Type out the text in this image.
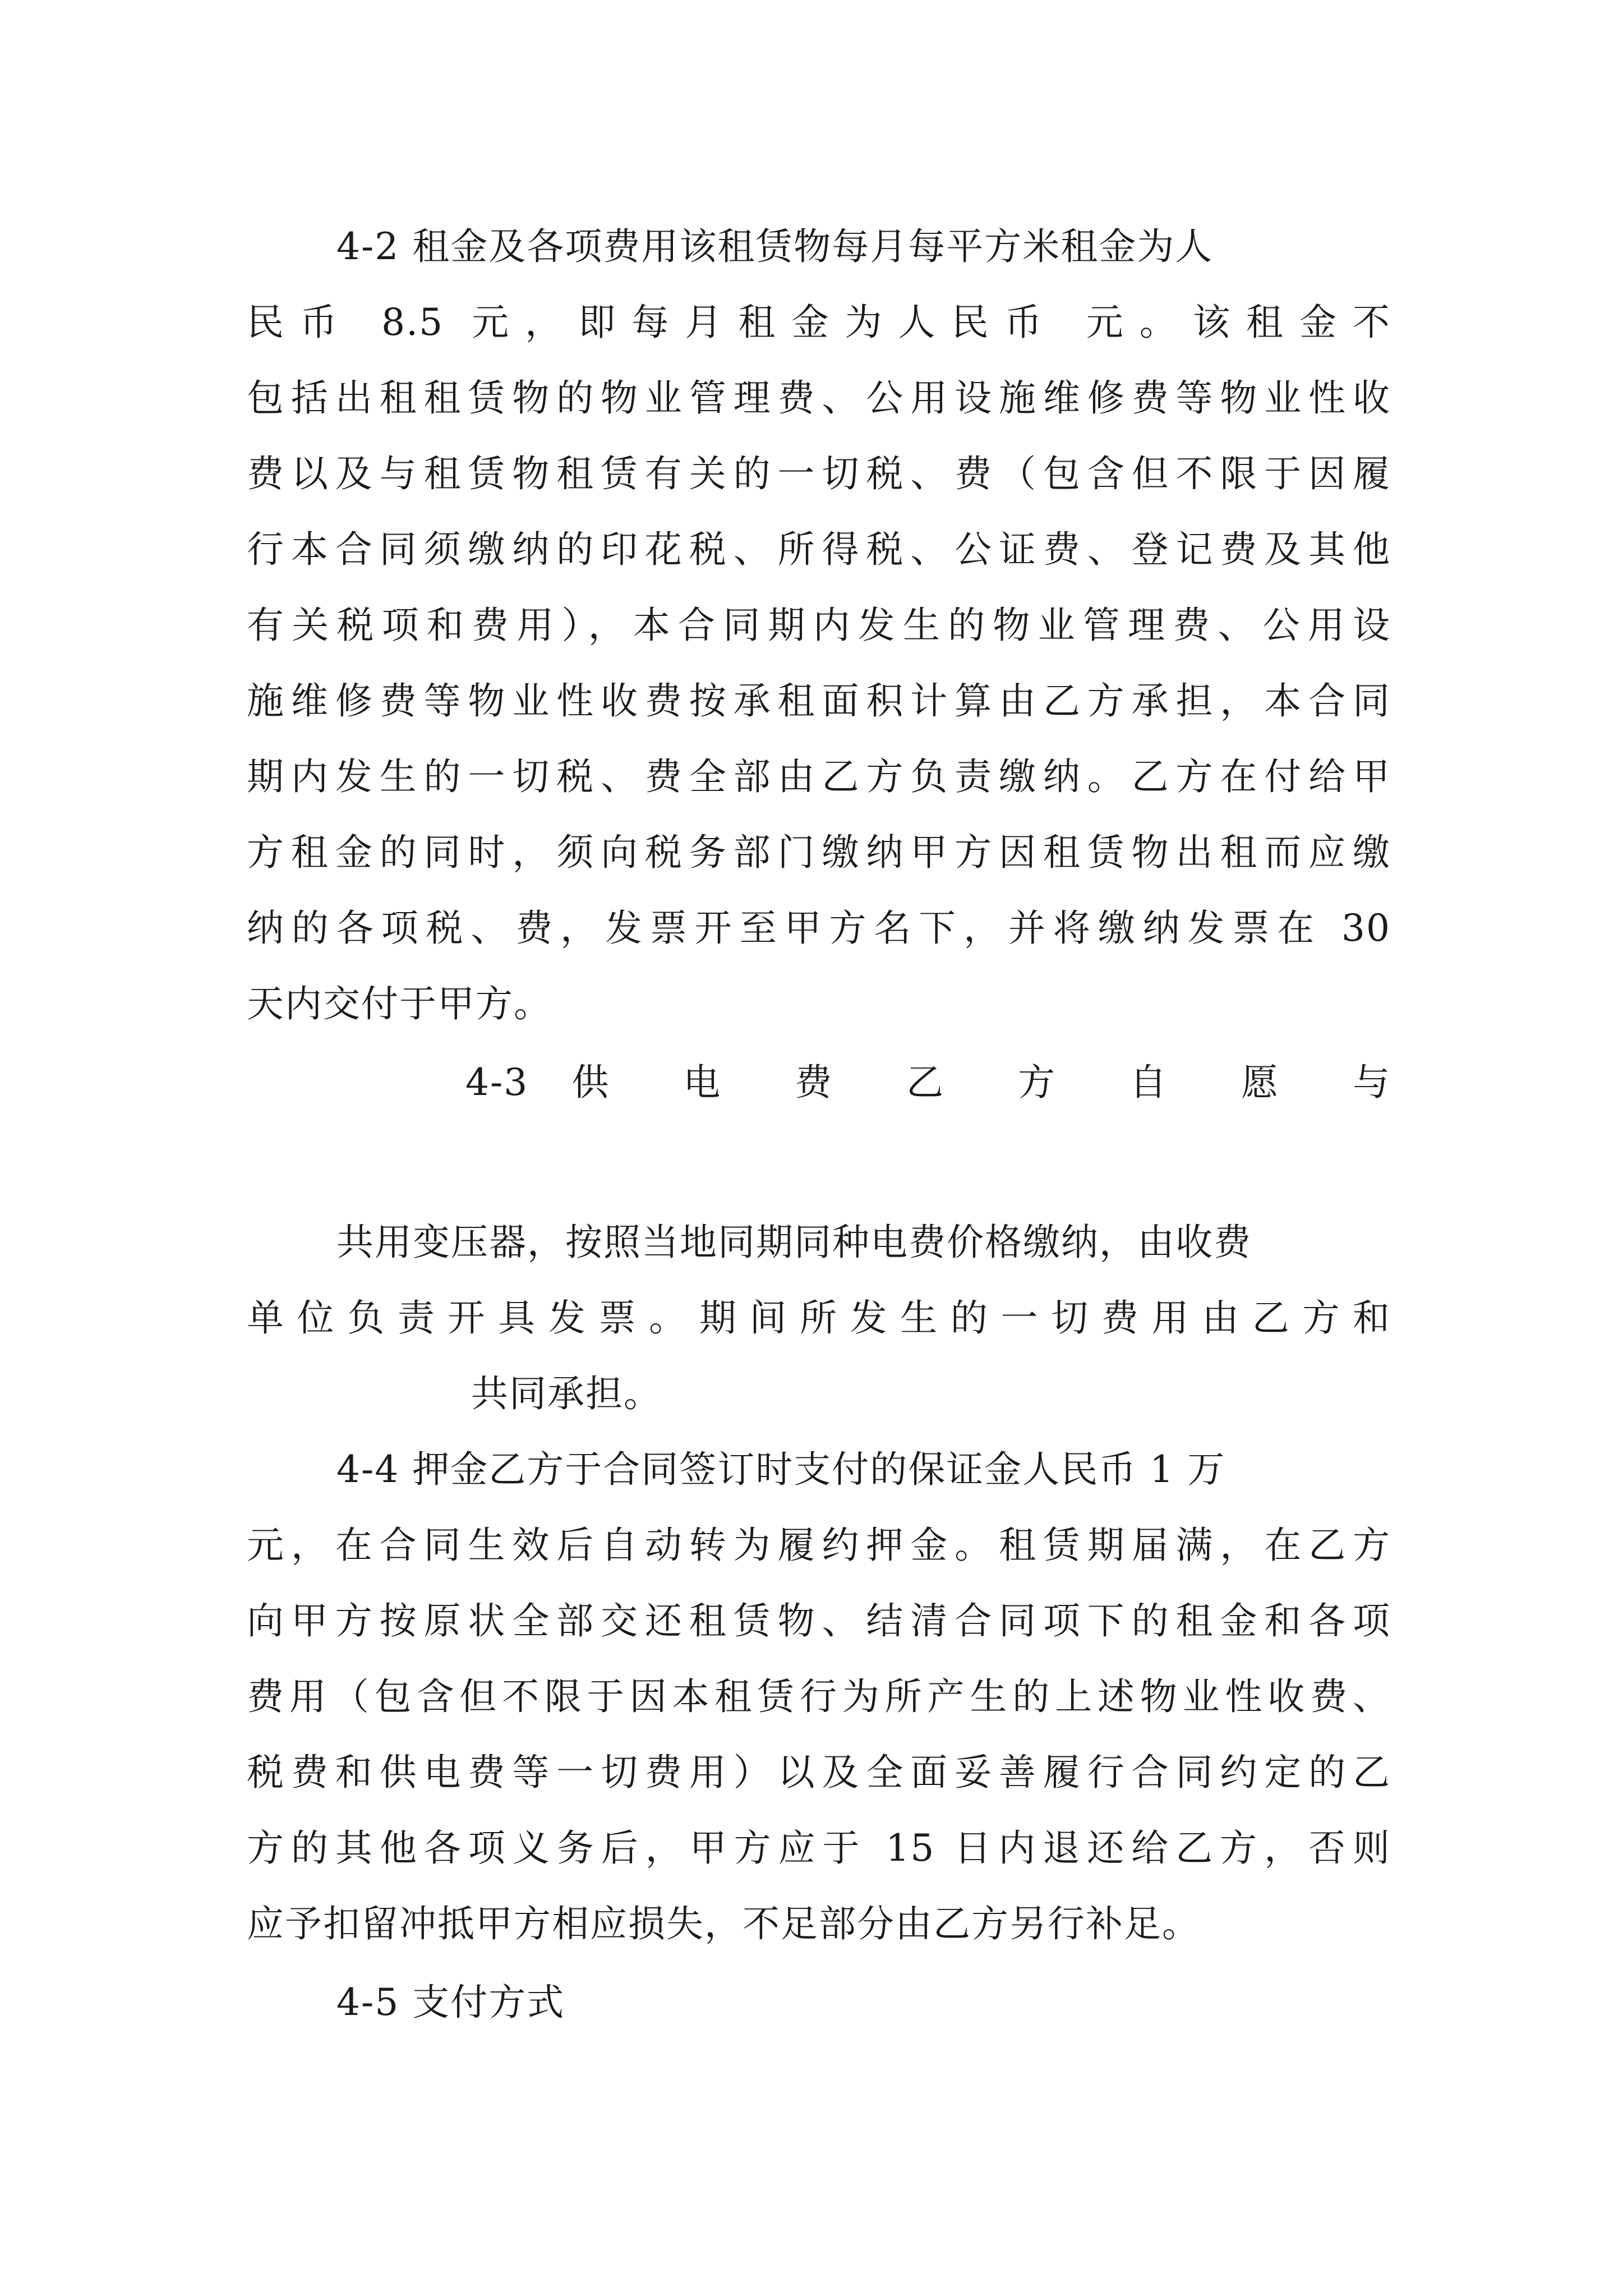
4-2 租金及各项费用该租赁物每月每平方米租金为人
民币 8.5 元，即每月租金为人民币 元。该租金不
包括出租租赁物的物业管理费、公用设施维修费等物业性收
费以及与租赁物租赁有关的一切税、费（包含但不限于因履
行本合同须缴纳的印花税、所得税、公证费、登记费及其他
有关税项和费用），本合同期内发生的物业管理费、公用设
施维修费等物业性收费按承租面积计算由乙方承担，本合同
期内发生的一切税、费全部由乙方负责缴纳。乙方在付给甲
方租金的同时，须向税务部门缴纳甲方因租赁物出租而应缴
纳的各项税、费，发票开至甲方名下，并将缴纳发票在 30
天内交付于甲方。
4-3 供 电 费 乙 方 自 愿 与
共用变压器，按照当地同期同种电费价格缴纳，由收费
单位负责开具发票。期间所发生的一切费用由乙方和
共同承担。
4-4 押金乙方于合同签订时支付的保证金人民币 1 万
元，在合同生效后自动转为履约押金。租赁期届满，在乙方
向甲方按原状全部交还租赁物、结清合同项下的租金和各项
费用（包含但不限于因本租赁行为所产生的上述物业性收费、
税费和供电费等一切费用）以及全面妥善履行合同约定的乙
方的其他各项义务后，甲方应于 15 日内退还给乙方，否则
应予扣留冲抵甲方相应损失，不足部分由乙方另行补足。
4-5 支付方式
